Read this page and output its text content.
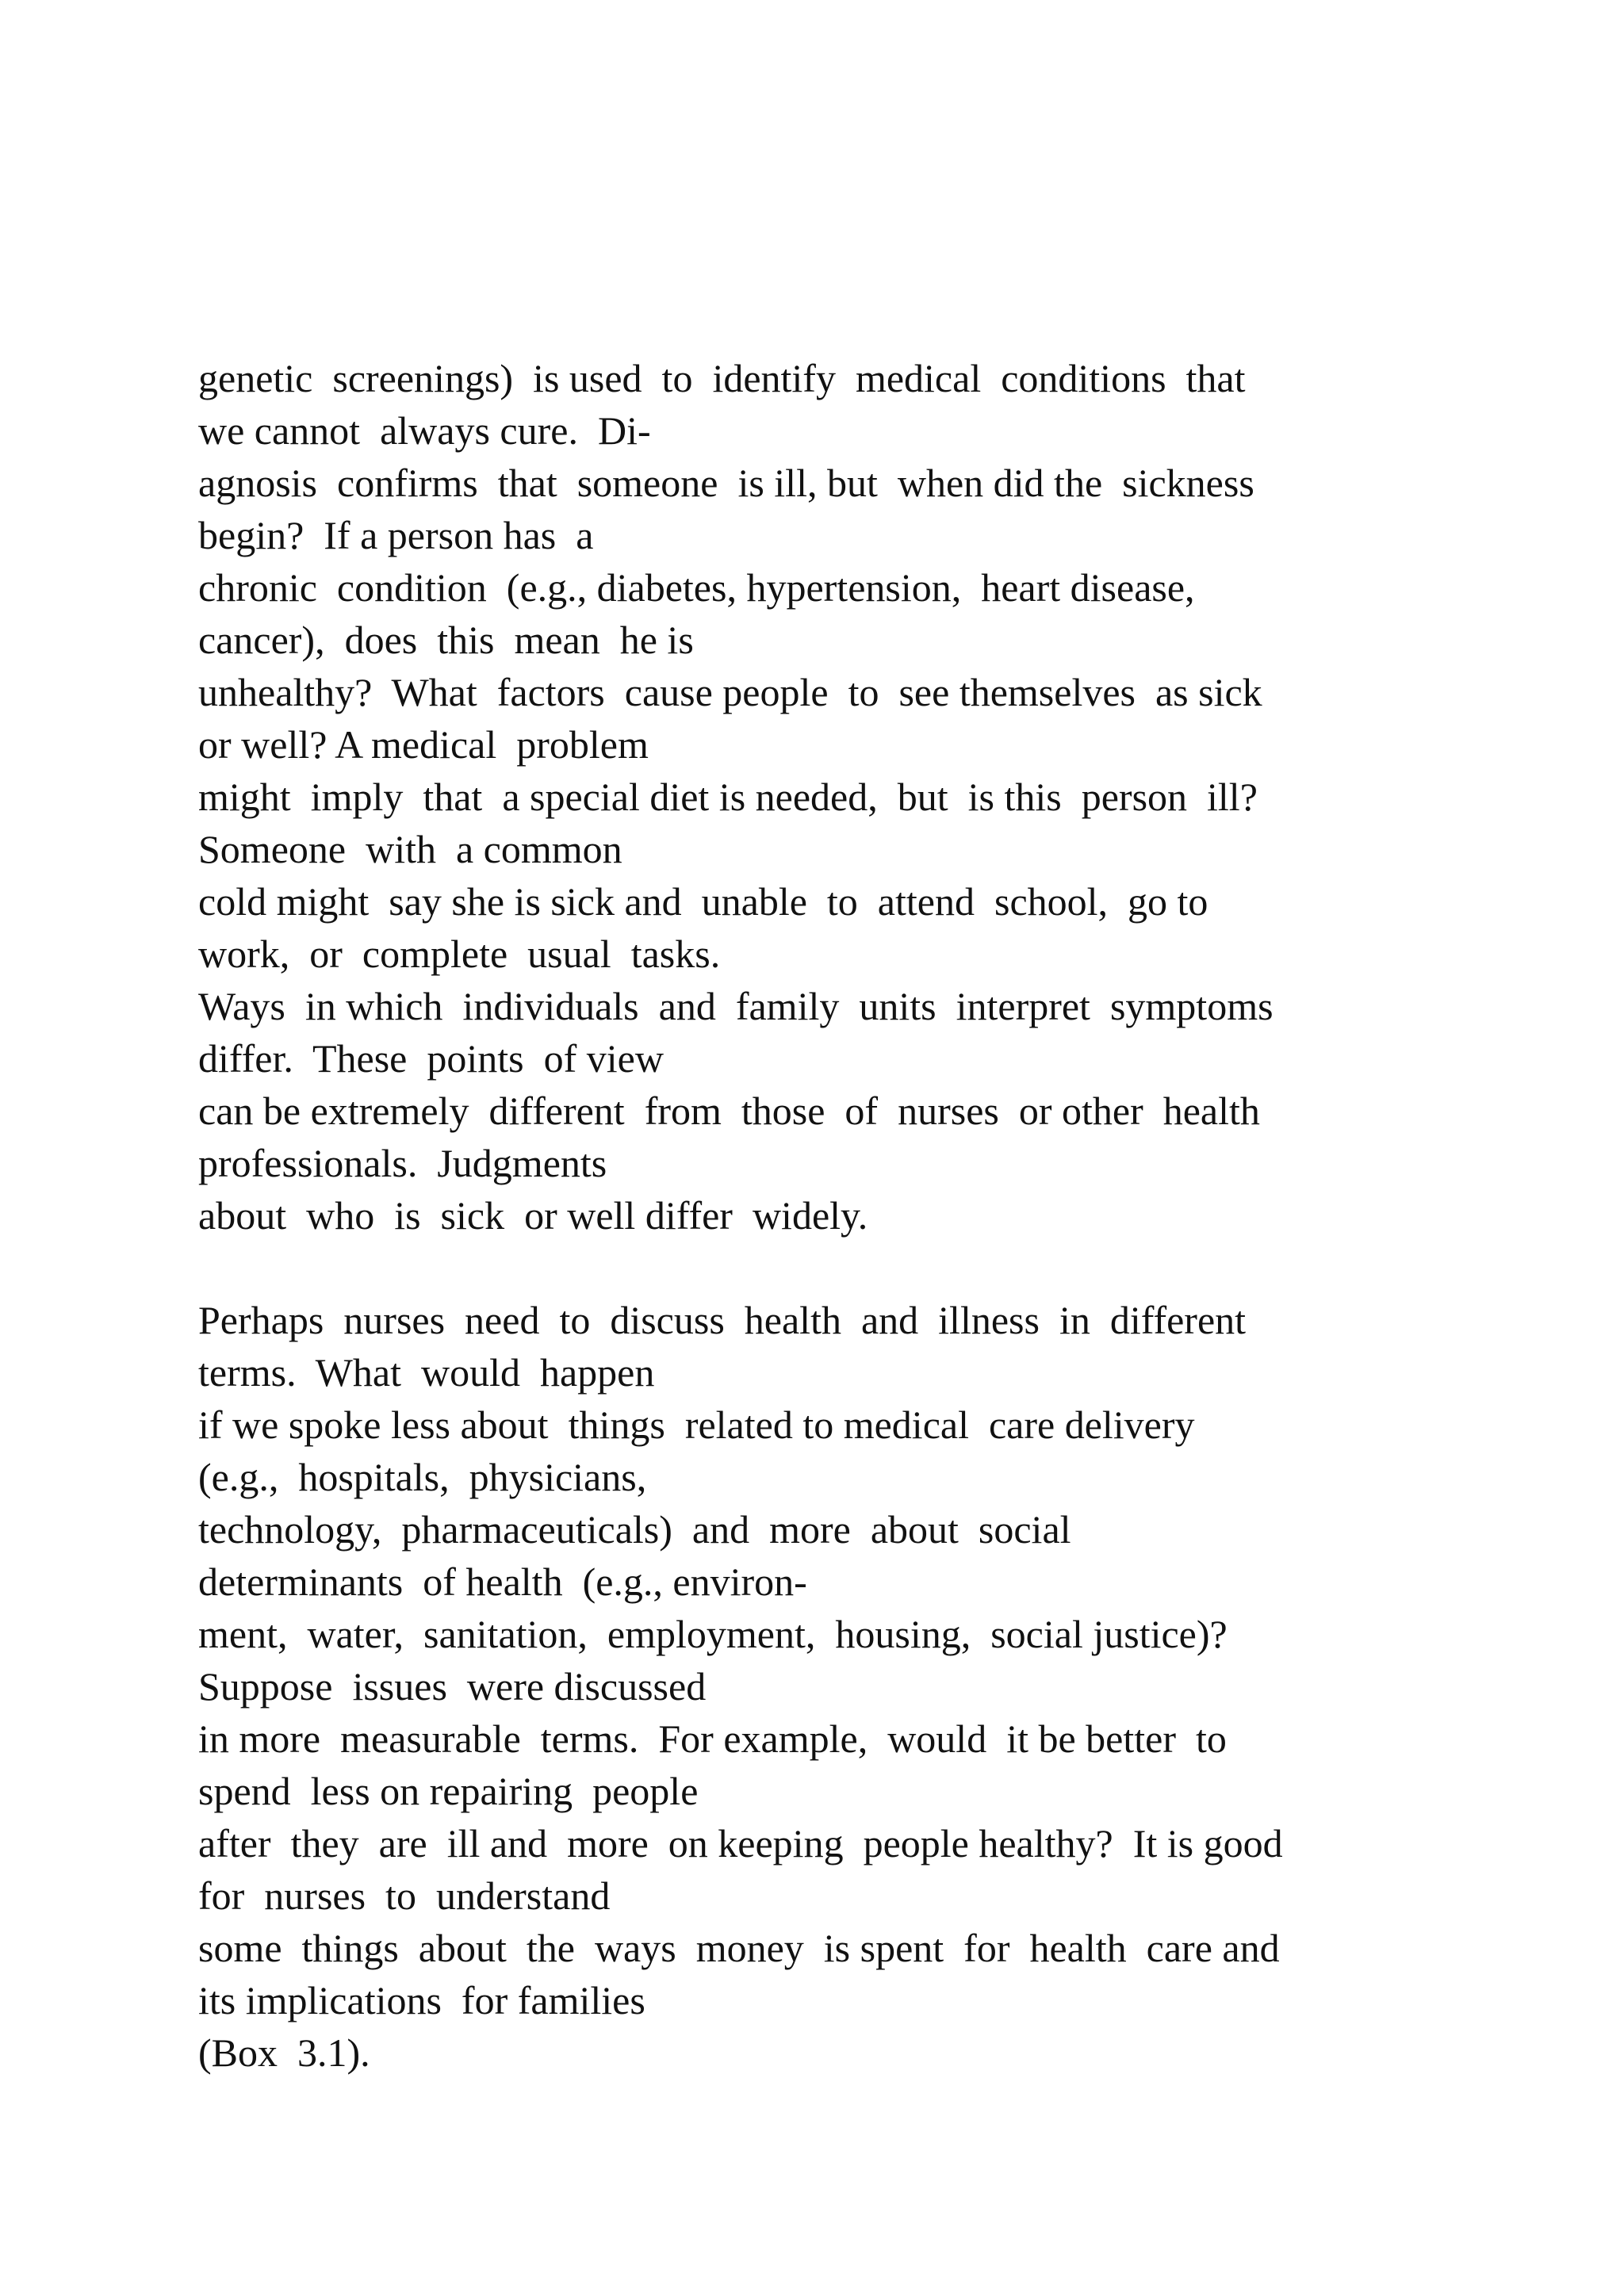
genetic  screenings)  is used  to  identify  medical  conditions  that
we cannot  always cure.  Di-
agnosis  confirms  that  someone  is ill, but  when did the  sickness
begin?  If a person has  a
chronic  condition  (e.g., diabetes, hypertension,  heart disease,
cancer),  does  this  mean  he is
unhealthy?  What  factors  cause people  to  see themselves  as sick
or well? A medical  problem
might  imply  that  a special diet is needed,  but  is this  person  ill?
Someone  with  a common
cold might  say she is sick and  unable  to  attend  school,  go to
work,  or  complete  usual  tasks.
Ways  in which  individuals  and  family  units  interpret  symptoms
differ.  These  points  of view
can be extremely  different  from  those  of  nurses  or other  health
professionals.  Judgments
about  who  is  sick  or well differ  widely.
Perhaps  nurses  need  to  discuss  health  and  illness  in  different
terms.  What  would  happen
if we spoke less about  things  related to medical  care delivery
(e.g.,  hospitals,  physicians,
technology,  pharmaceuticals)  and  more  about  social
determinants  of health  (e.g., environ-
ment,  water,  sanitation,  employment,  housing,  social justice)?
Suppose  issues  were discussed
in more  measurable  terms.  For example,  would  it be better  to
spend  less on repairing  people
after  they  are  ill and  more  on keeping  people healthy?  It is good
for  nurses  to  understand
some  things  about  the  ways  money  is spent  for  health  care and
its implications  for families
(Box  3.1).
